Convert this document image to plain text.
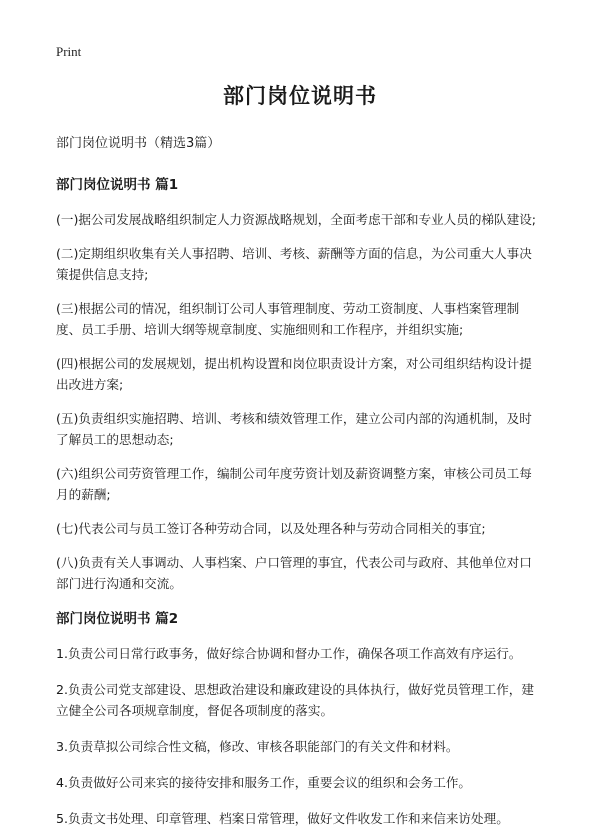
Print
部门岗位说明书
部门岗位说明书（精选3篇）
部门岗位说明书 篇1

(一)据公司发展战略组织制定人力资源战略规划，全面考虑干部和专业人员的梯队建设;

(二)定期组织收集有关人事招聘、培训、考核、薪酬等方面的信息，为公司重大人事决策提供信息支持;

(三)根据公司的情况，组织制订公司人事管理制度、劳动工资制度、人事档案管理制度、员工手册、培训大纲等规章制度、实施细则和工作程序，并组织实施;

(四)根据公司的发展规划，提出机构设置和岗位职责设计方案，对公司组织结构设计提出改进方案;

(五)负责组织实施招聘、培训、考核和绩效管理工作，建立公司内部的沟通机制，及时了解员工的思想动态;

(六)组织公司劳资管理工作，编制公司年度劳资计划及薪资调整方案，审核公司员工每月的薪酬;

(七)代表公司与员工签订各种劳动合同，以及处理各种与劳动合同相关的事宜;

(八)负责有关人事调动、人事档案、户口管理的事宜，代表公司与政府、其他单位对口部门进行沟通和交流。

部门岗位说明书 篇2

1.负责公司日常行政事务，做好综合协调和督办工作，确保各项工作高效有序运行。

2.负责公司党支部建设、思想政治建设和廉政建设的具体执行，做好党员管理工作，建立健全公司各项规章制度，督促各项制度的落实。

3.负责草拟公司综合性文稿，修改、审核各职能部门的有关文件和材料。

4.负责做好公司来宾的接待安排和服务工作，重要会议的组织和会务工作。

5.负责文书处理、印章管理、档案日常管理，做好文件收发工作和来信来访处理。
